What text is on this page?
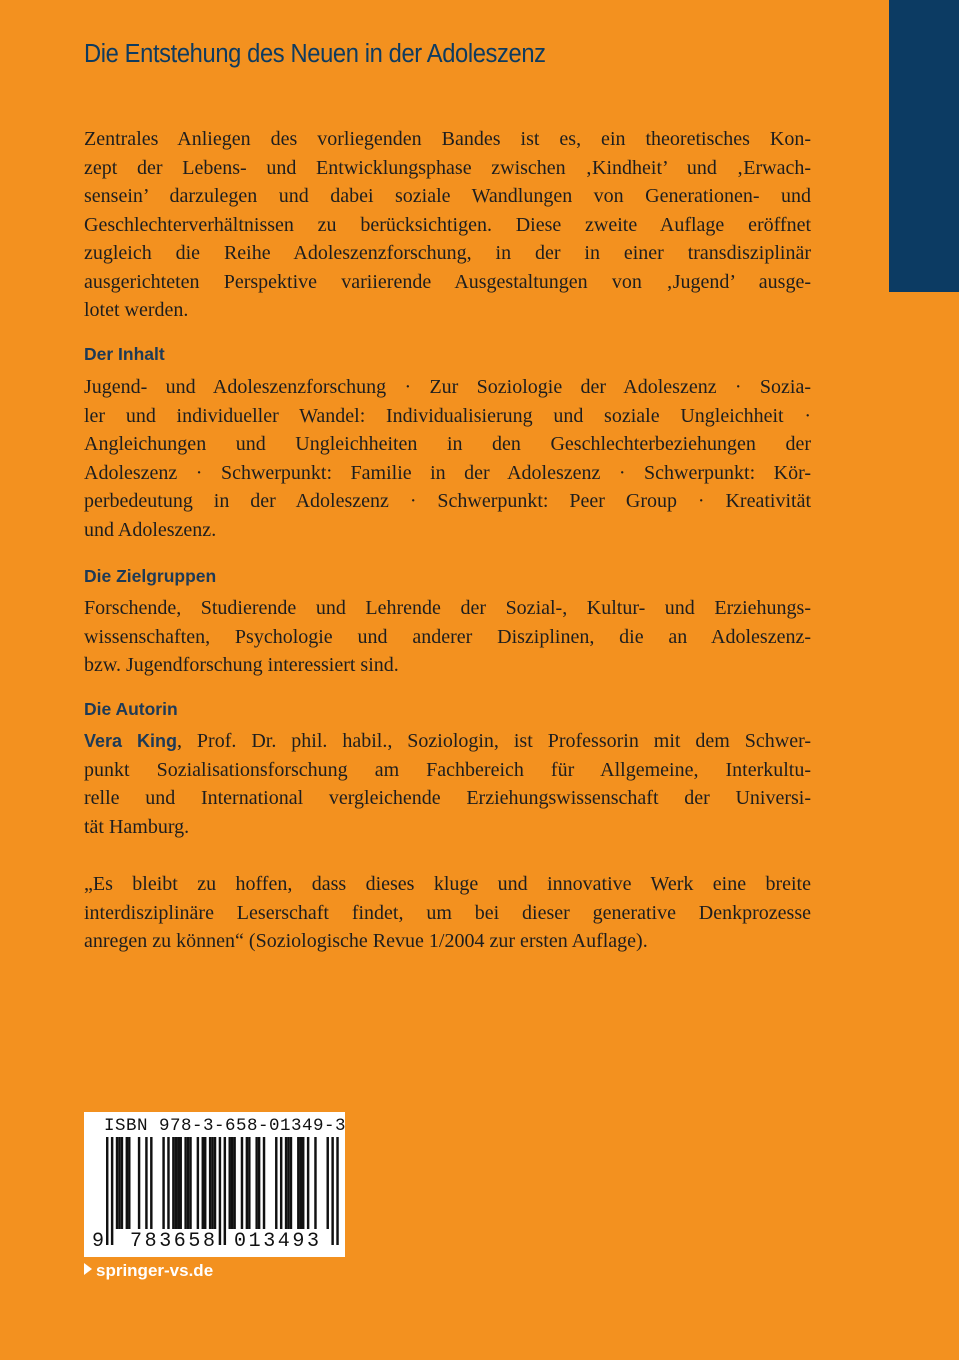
Die Entstehung des Neuen in der Adoleszenz
Zentrales Anliegen des vorliegenden Bandes ist es, ein theoretisches Kon-
zept der Lebens- und Entwicklungsphase zwischen ‚Kindheit’ und ‚Erwach-
sensein’ darzulegen und dabei soziale Wandlungen von Generationen- und
Geschlechterverhältnissen zu berücksichtigen. Diese zweite Auflage eröffnet
zugleich die Reihe Adoleszenzforschung, in der in einer transdisziplinär
ausgerichteten Perspektive variierende Ausgestaltungen von ‚Jugend’ ausge-
lotet werden.
Der Inhalt
Jugend- und Adoleszenzforschung · Zur Soziologie der Adoleszenz · Sozia-
ler und individueller Wandel: Individualisierung und soziale Ungleichheit ·
Angleichungen und Ungleichheiten in den Geschlechterbeziehungen der
Adoleszenz · Schwerpunkt: Familie in der Adoleszenz · Schwerpunkt: Kör-
perbedeutung in der Adoleszenz · Schwerpunkt: Peer Group · Kreativität
und Adoleszenz.
Die Zielgruppen
Forschende, Studierende und Lehrende der Sozial-, Kultur- und Erziehungs-
wissenschaften, Psychologie und anderer Disziplinen, die an Adoleszenz-
bzw. Jugendforschung interessiert sind.
Die Autorin
Vera King, Prof. Dr. phil. habil., Soziologin, ist Professorin mit dem Schwer-
punkt Sozialisationsforschung am Fachbereich für Allgemeine, Interkultu-
relle und International vergleichende Erziehungswissenschaft der Universi-
tät Hamburg.
„Es bleibt zu hoffen, dass dieses kluge und innovative Werk eine breite
interdisziplinäre Leserschaft findet, um bei dieser generative Denkprozesse
anregen zu können“ (Soziologische Revue 1/2004 zur ersten Auflage).
ISBN 978-3-658-01349-3
9 783658 013493
springer-vs.de
